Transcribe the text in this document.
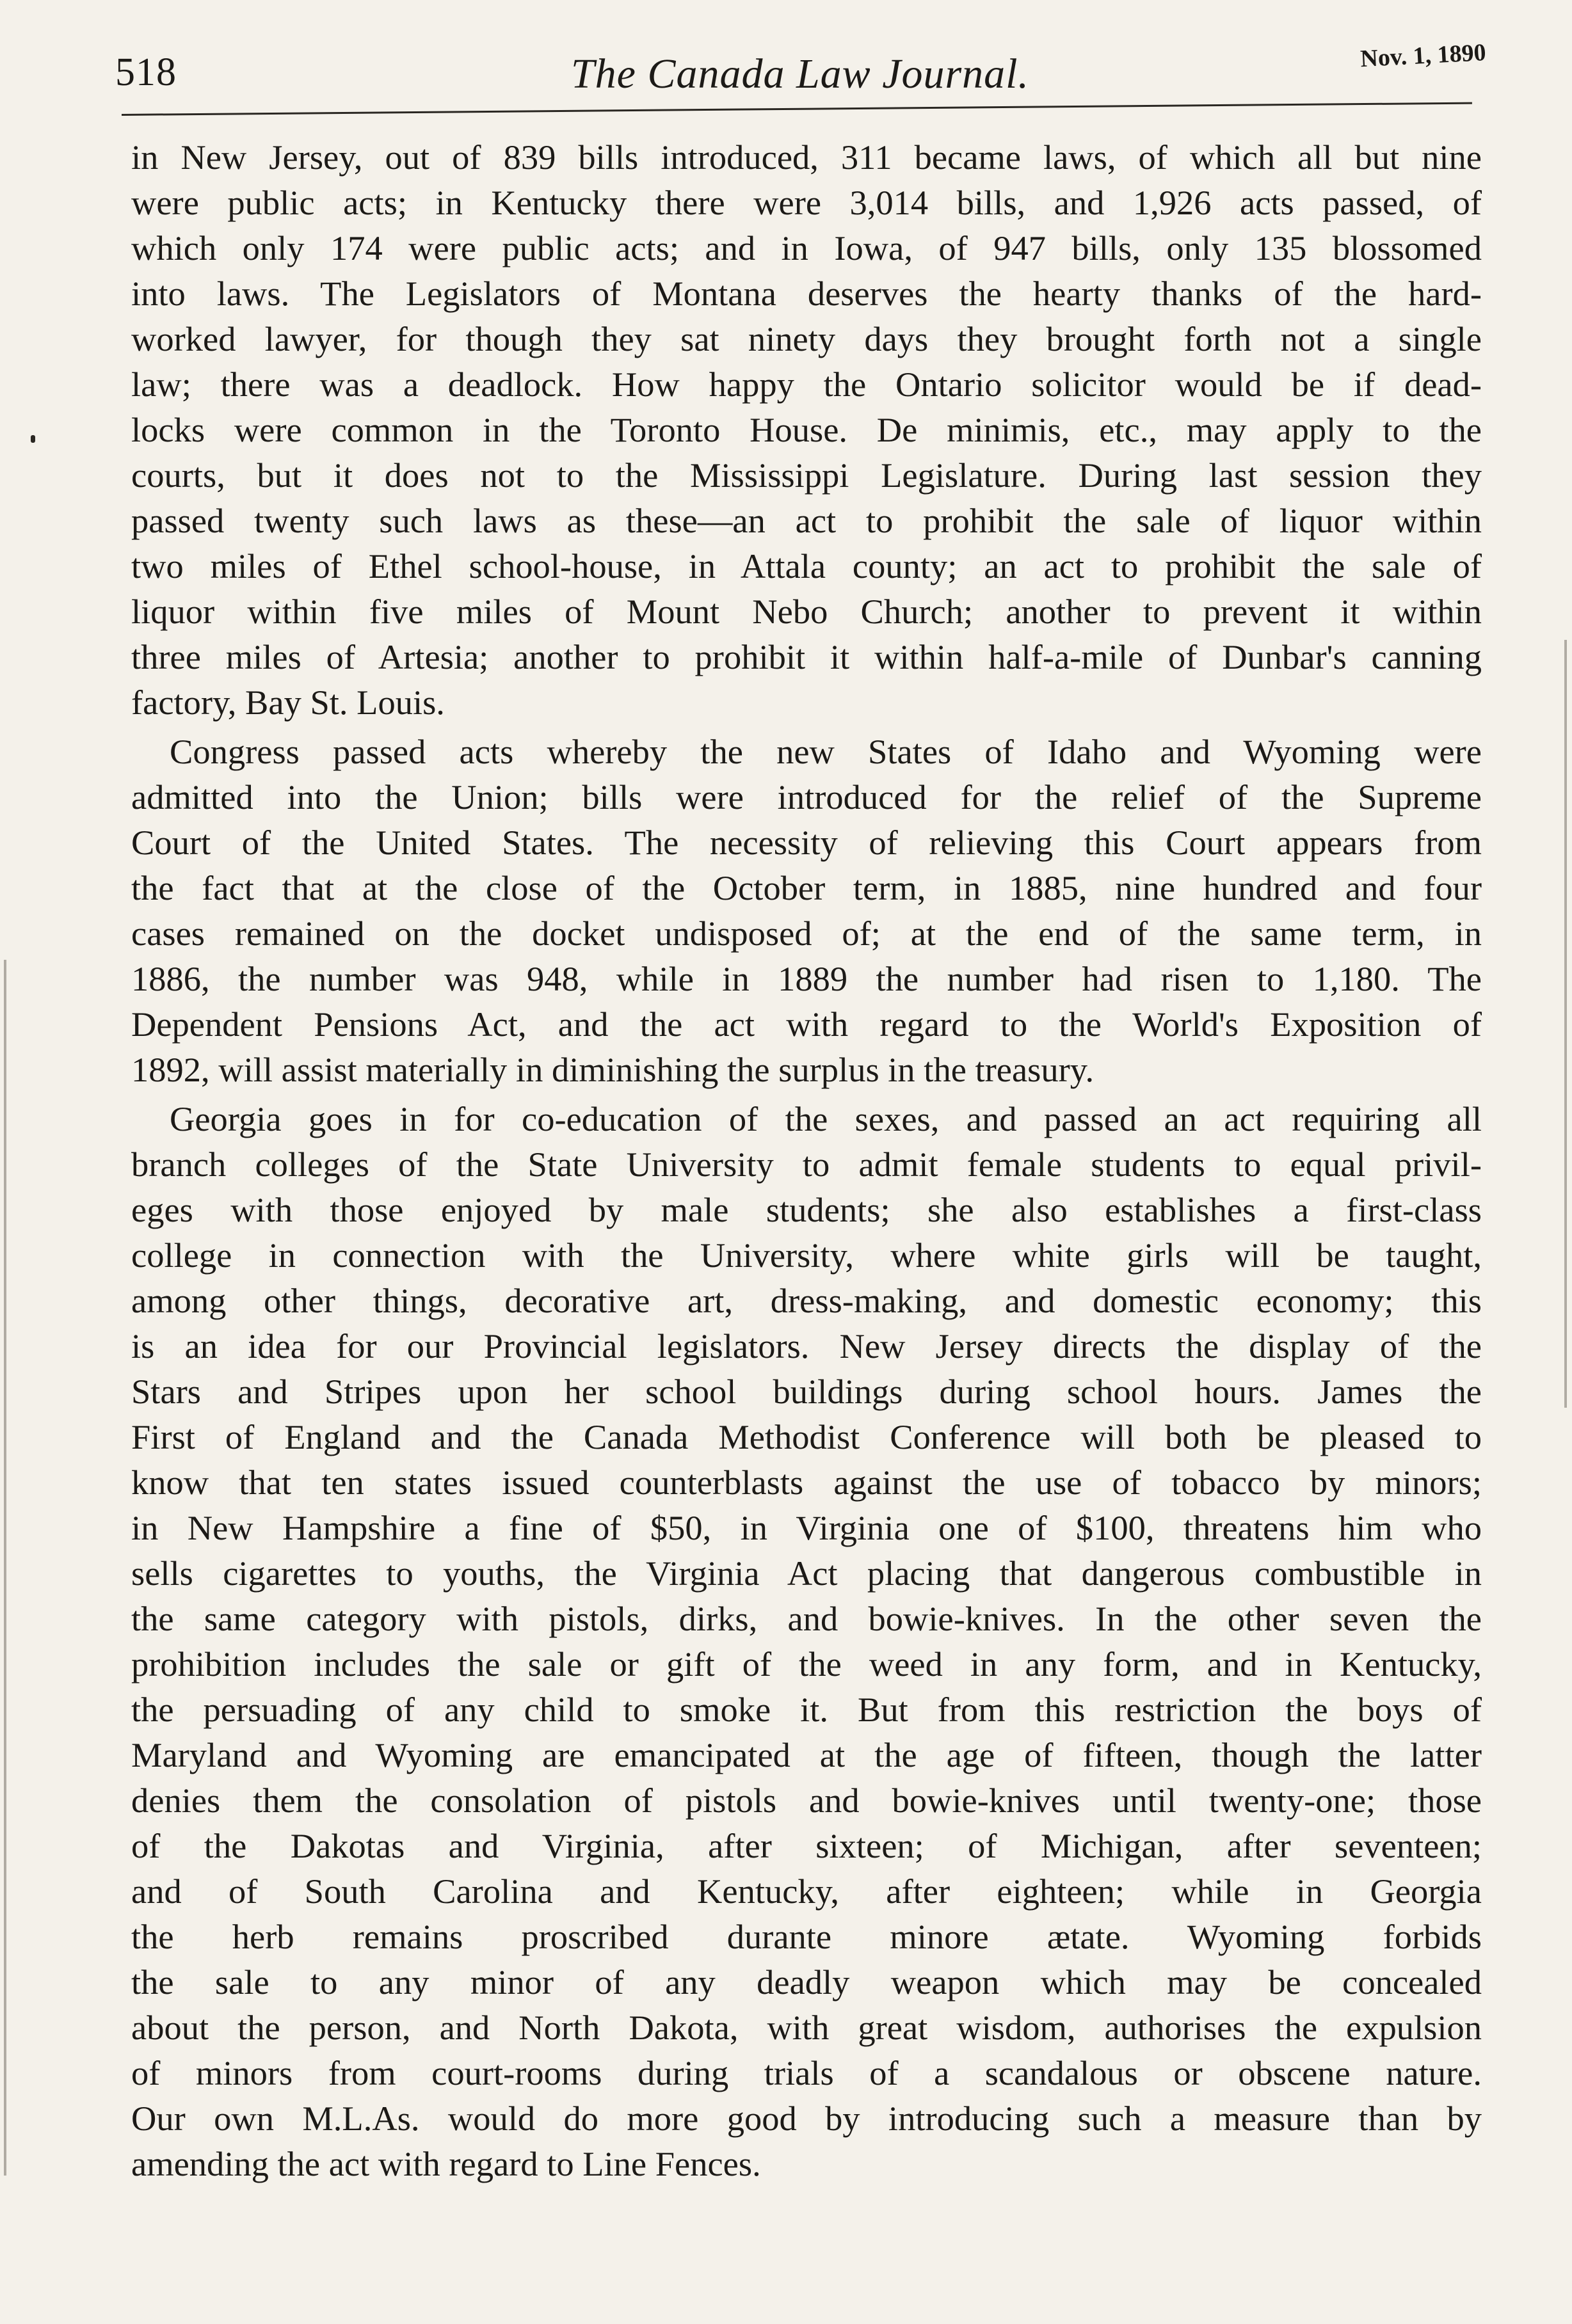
518	The Canada Law Journal.	Nov. 1, 1890
in New Jersey, out of 839 bills introduced, 311 became laws, of which all but nine
were public acts; in Kentucky there were 3,014 bills, and 1,926 acts passed, of
which only 174 were public acts; and in Iowa, of 947 bills, only 135 blossomed
into laws. The Legislators of Montana deserves the hearty thanks of the hard-
worked lawyer, for though they sat ninety days they brought forth not a single
law; there was a deadlock. How happy the Ontario solicitor would be if dead-
locks were common in the Toronto House. De minimis, etc., may apply to the
courts, but it does not to the Mississippi Legislature. During last session they
passed twenty such laws as these—an act to prohibit the sale of liquor within
two miles of Ethel school-house, in Attala county; an act to prohibit the sale of
liquor within five miles of Mount Nebo Church; another to prevent it within
three miles of Artesia; another to prohibit it within half-a-mile of Dunbar's canning
factory, Bay St. Louis.
Congress passed acts whereby the new States of Idaho and Wyoming were
admitted into the Union; bills were introduced for the relief of the Supreme
Court of the United States. The necessity of relieving this Court appears from
the fact that at the close of the October term, in 1885, nine hundred and four
cases remained on the docket undisposed of; at the end of the same term, in
1886, the number was 948, while in 1889 the number had risen to 1,180. The
Dependent Pensions Act, and the act with regard to the World's Exposition of
1892, will assist materially in diminishing the surplus in the treasury.
Georgia goes in for co-education of the sexes, and passed an act requiring all
branch colleges of the State University to admit female students to equal privil-
eges with those enjoyed by male students; she also establishes a first-class
college in connection with the University, where white girls will be taught,
among other things, decorative art, dress-making, and domestic economy; this
is an idea for our Provincial legislators. New Jersey directs the display of the
Stars and Stripes upon her school buildings during school hours. James the
First of England and the Canada Methodist Conference will both be pleased to
know that ten states issued counterblasts against the use of tobacco by minors;
in New Hampshire a fine of $50, in Virginia one of $100, threatens him who
sells cigarettes to youths, the Virginia Act placing that dangerous combustible in
the same category with pistols, dirks, and bowie-knives. In the other seven the
prohibition includes the sale or gift of the weed in any form, and in Kentucky,
the persuading of any child to smoke it. But from this restriction the boys of
Maryland and Wyoming are emancipated at the age of fifteen, though the latter
denies them the consolation of pistols and bowie-knives until twenty-one; those
of the Dakotas and Virginia, after sixteen; of Michigan, after seventeen;
and of South Carolina and Kentucky, after eighteen; while in Georgia
the herb remains proscribed durante minore ætate. Wyoming forbids
the sale to any minor of any deadly weapon which may be concealed
about the person, and North Dakota, with great wisdom, authorises the expulsion
of minors from court-rooms during trials of a scandalous or obscene nature.
Our own M.L.As. would do more good by introducing such a measure than by
amending the act with regard to Line Fences.
